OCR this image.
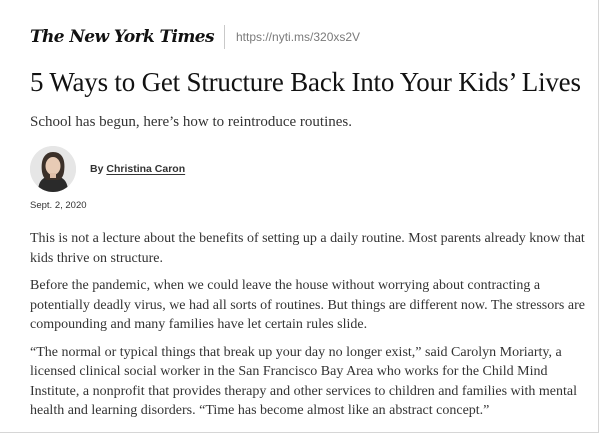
The New York Times https://nyti.ms/320xs2V
5 Ways to Get Structure Back Into Your Kids’ Lives

School has begun, here’s how to reintroduce routines.

By Christina Caron
Sept. 2, 2020

This is not a lecture about the benefits of setting up a daily routine. Most parents already know that kids thrive on structure.

Before the pandemic, when we could leave the house without worrying about contracting a potentially deadly virus, we had all sorts of routines. But things are different now. The stressors are compounding and many families have let certain rules slide.

“The normal or typical things that break up your day no longer exist,” said Carolyn Moriarty, a licensed clinical social worker in the San Francisco Bay Area who works for the Child Mind Institute, a nonprofit that provides therapy and other services to children and families with mental health and learning disorders. “Time has become almost like an abstract concept.”
